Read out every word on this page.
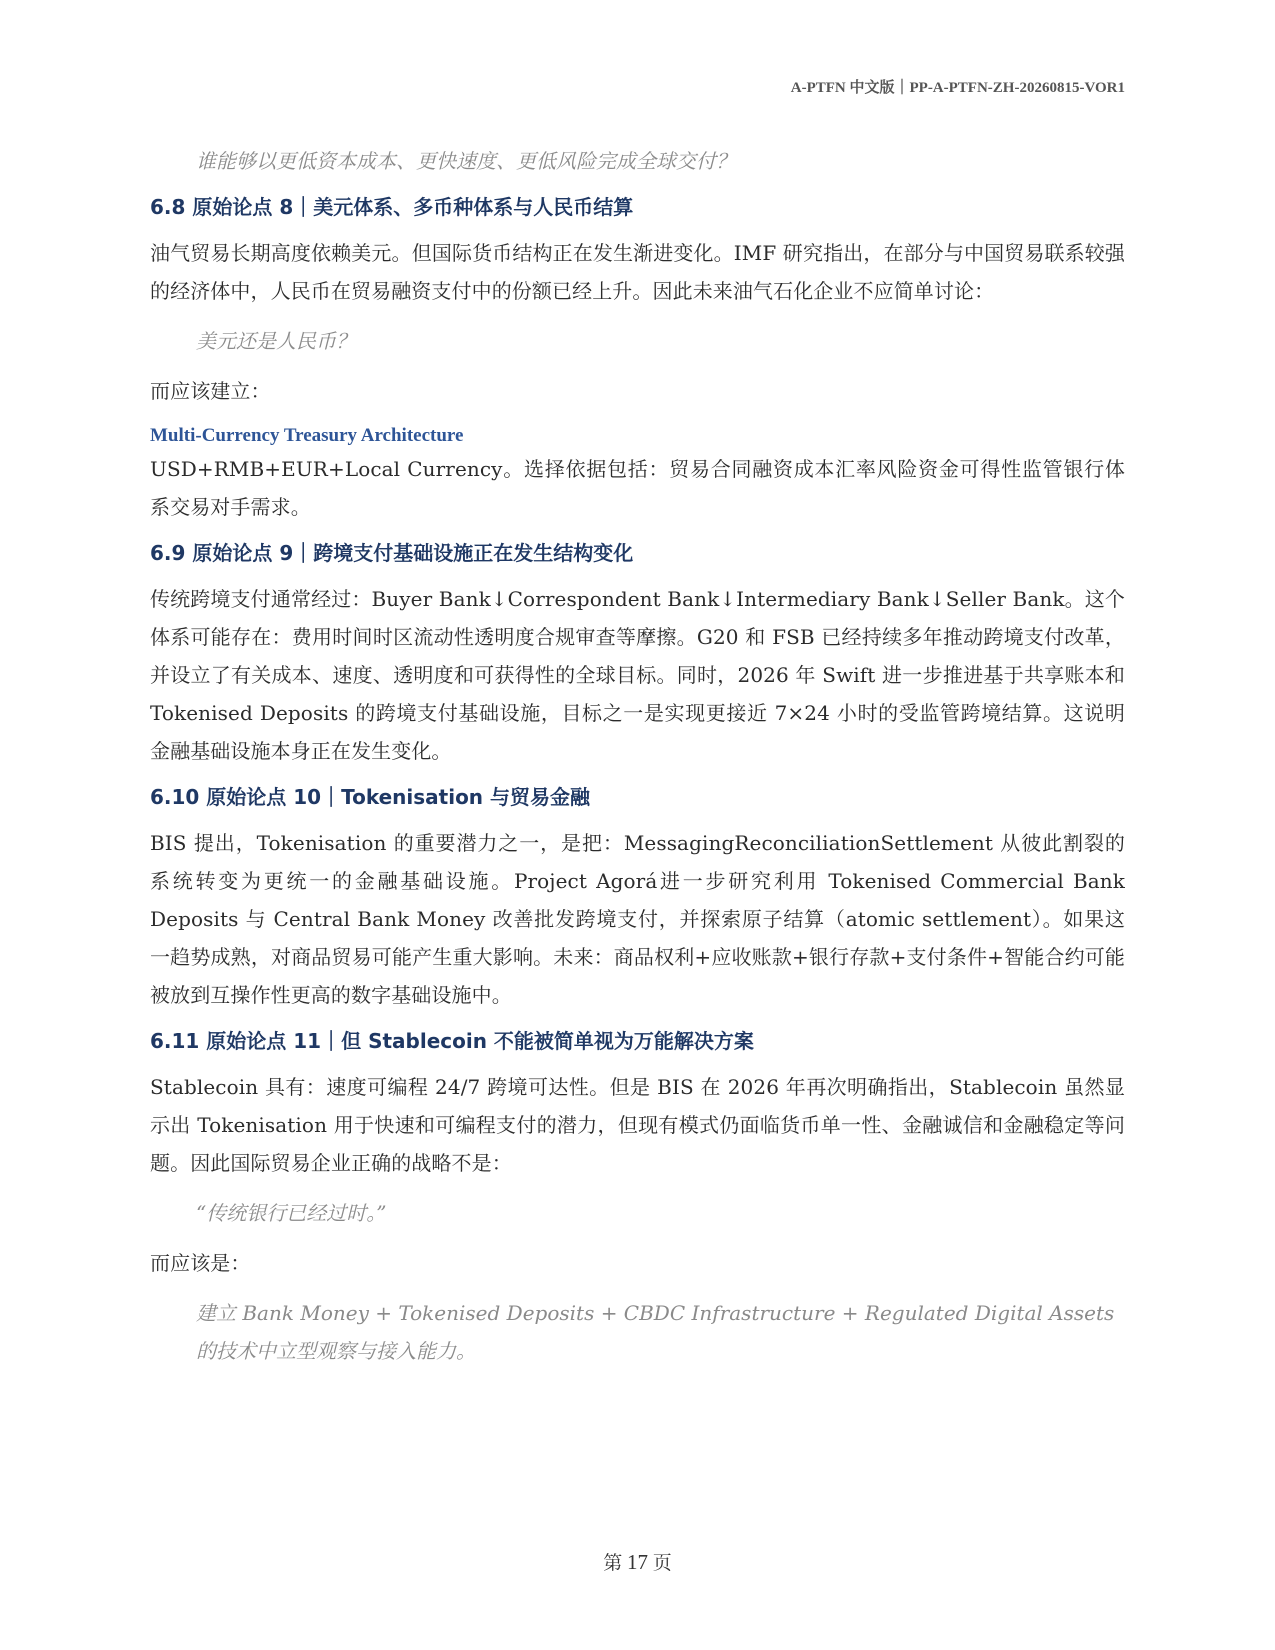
A-PTFN 中文版｜PP-A-PTFN-ZH-20260815-VOR1

谁能够以更低资本成本、更快速度、更低风险完成全球交付？

6.8 原始论点 8｜美元体系、多币种体系与人民币结算

油气贸易长期高度依赖美元。但国际货币结构正在发生渐进变化。IMF 研究指出，在部分与中国贸易联系较强的经济体中，人民币在贸易融资支付中的份额已经上升。因此未来油气石化企业不应简单讨论：

美元还是人民币？

而应该建立：

Multi-Currency Treasury Architecture

USD+RMB+EUR+Local Currency。选择依据包括：贸易合同融资成本汇率风险资金可得性监管银行体系交易对手需求。

6.9 原始论点 9｜跨境支付基础设施正在发生结构变化

传统跨境支付通常经过：Buyer Bank↓Correspondent Bank↓Intermediary Bank↓Seller Bank。这个体系可能存在：费用时间时区流动性透明度合规审查等摩擦。G20 和 FSB 已经持续多年推动跨境支付改革，并设立了有关成本、速度、透明度和可获得性的全球目标。同时，2026 年 Swift 进一步推进基于共享账本和 Tokenised Deposits 的跨境支付基础设施，目标之一是实现更接近 7×24 小时的受监管跨境结算。这说明金融基础设施本身正在发生变化。

6.10 原始论点 10｜Tokenisation 与贸易金融

BIS 提出，Tokenisation 的重要潜力之一，是把：MessagingReconciliationSettlement 从彼此割裂的系统转变为更统一的金融基础设施。Project Agorá进一步研究利用 Tokenised Commercial Bank Deposits 与 Central Bank Money 改善批发跨境支付，并探索原子结算（atomic settlement）。如果这一趋势成熟，对商品贸易可能产生重大影响。未来：商品权利+应收账款+银行存款+支付条件+智能合约可能被放到互操作性更高的数字基础设施中。

6.11 原始论点 11｜但 Stablecoin 不能被简单视为万能解决方案

Stablecoin 具有：速度可编程 24/7 跨境可达性。但是 BIS 在 2026 年再次明确指出，Stablecoin 虽然显示出 Tokenisation 用于快速和可编程支付的潜力，但现有模式仍面临货币单一性、金融诚信和金融稳定等问题。因此国际贸易企业正确的战略不是：

“传统银行已经过时。”

而应该是：

建立 Bank Money + Tokenised Deposits + CBDC Infrastructure + Regulated Digital Assets 的技术中立型观察与接入能力。

第 17 页
